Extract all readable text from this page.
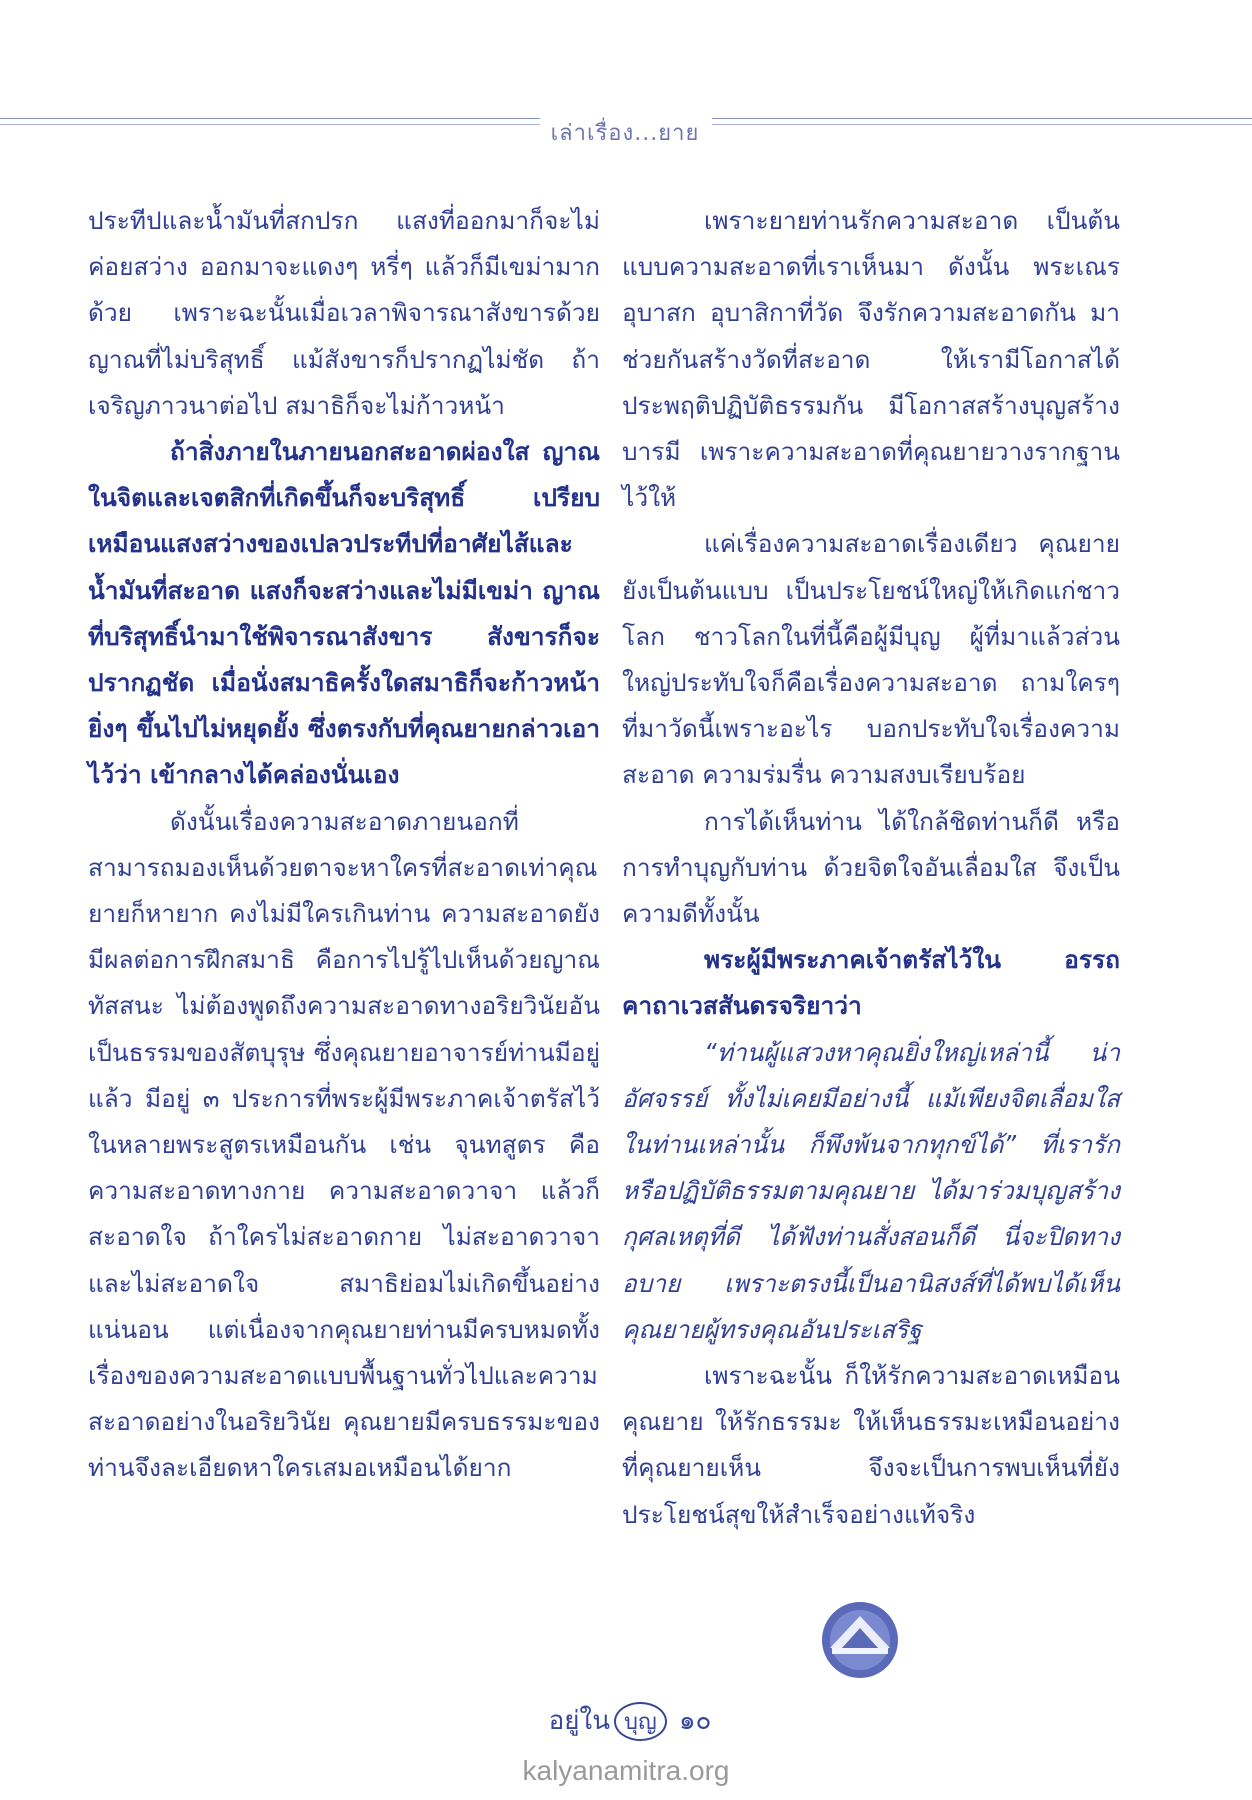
เล่าเรื่อง...ยาย

ประทีปและน้ำมันที่สกปรก แสงที่ออกมาก็จะไม่ค่อยสว่าง ออกมาจะแดงๆ หรี่ๆ แล้วก็มีเขม่ามากด้วย เพราะฉะนั้นเมื่อเวลาพิจารณาสังขารด้วยญาณที่ไม่บริสุทธิ์ แม้สังขารก็ปรากฏไม่ชัด ถ้าเจริญภาวนาต่อไป สมาธิก็จะไม่ก้าวหน้า

ถ้าสิ่งภายในภายนอกสะอาดผ่องใส ญาณในจิตและเจตสิกที่เกิดขึ้นก็จะบริสุทธิ์ เปรียบเหมือนแสงสว่างของเปลวประทีปที่อาศัยไส้และน้ำมันที่สะอาด แสงก็จะสว่างและไม่มีเขม่า ญาณที่บริสุทธิ์นำมาใช้พิจารณาสังขาร สังขารก็จะปรากฏชัด เมื่อนั่งสมาธิครั้งใดสมาธิก็จะก้าวหน้ายิ่งๆ ขึ้นไปไม่หยุดยั้ง ซึ่งตรงกับที่คุณยายกล่าวเอาไว้ว่า เข้ากลางได้คล่องนั่นเอง

ดังนั้นเรื่องความสะอาดภายนอกที่สามารถมองเห็นด้วยตาจะหาใครที่สะอาดเท่าคุณยายก็หายาก คงไม่มีใครเกินท่าน ความสะอาดยังมีผลต่อการฝึกสมาธิ คือการไปรู้ไปเห็นด้วยญาณทัสสนะ ไม่ต้องพูดถึงความสะอาดทางอริยวินัยอันเป็นธรรมของสัตบุรุษ ซึ่งคุณยายอาจารย์ท่านมีอยู่แล้ว มีอยู่ ๓ ประการที่พระผู้มีพระภาคเจ้าตรัสไว้ในหลายพระสูตรเหมือนกัน เช่น จุนทสูตร คือความสะอาดทางกาย ความสะอาดวาจา แล้วก็สะอาดใจ ถ้าใครไม่สะอาดกาย ไม่สะอาดวาจาและไม่สะอาดใจ สมาธิย่อมไม่เกิดขึ้นอย่างแน่นอน แต่เนื่องจากคุณยายท่านมีครบหมดทั้งเรื่องของความสะอาดแบบพื้นฐานทั่วไปและความสะอาดอย่างในอริยวินัย คุณยายมีครบธรรมะของท่านจึงละเอียดหาใครเสมอเหมือนได้ยาก

เพราะยายท่านรักความสะอาด เป็นต้นแบบความสะอาดที่เราเห็นมา ดังนั้น พระเณร อุบาสก อุบาสิกาที่วัด จึงรักความสะอาดกัน มาช่วยกันสร้างวัดที่สะอาด ให้เรามีโอกาสได้ประพฤติปฏิบัติธรรมกัน มีโอกาสสร้างบุญสร้างบารมี เพราะความสะอาดที่คุณยายวางรากฐานไว้ให้

แค่เรื่องความสะอาดเรื่องเดียว คุณยายยังเป็นต้นแบบ เป็นประโยชน์ใหญ่ให้เกิดแก่ชาวโลก ชาวโลกในที่นี้คือผู้มีบุญ ผู้ที่มาแล้วส่วนใหญ่ประทับใจก็คือเรื่องความสะอาด ถามใครๆ ที่มาวัดนี้เพราะอะไร บอกประทับใจเรื่องความสะอาด ความร่มรื่น ความสงบเรียบร้อย

การได้เห็นท่าน ได้ใกล้ชิดท่านก็ดี หรือการทำบุญกับท่าน ด้วยจิตใจอันเลื่อมใส จึงเป็นความดีทั้งนั้น

พระผู้มีพระภาคเจ้าตรัสไว้ใน อรรถคาถาเวสสันดรจริยาว่า

“ท่านผู้แสวงหาคุณยิ่งใหญ่เหล่านี้ น่าอัศจรรย์ ทั้งไม่เคยมีอย่างนี้ แม้เพียงจิตเลื่อมใสในท่านเหล่านั้น ก็พึงพ้นจากทุกข์ได้” ที่เรารักหรือปฏิบัติธรรมตามคุณยาย ได้มาร่วมบุญสร้างกุศลเหตุที่ดี ได้ฟังท่านสั่งสอนก็ดี นี่จะปิดทางอบาย เพราะตรงนี้เป็นอานิสงส์ที่ได้พบได้เห็นคุณยายผู้ทรงคุณอันประเสริฐ

เพราะฉะนั้น ก็ให้รักความสะอาดเหมือนคุณยาย ให้รักธรรมะ ให้เห็นธรรมะเหมือนอย่างที่คุณยายเห็น จึงจะเป็นการพบเห็นที่ยังประโยชน์สุขให้สำเร็จอย่างแท้จริง

อยู่ใน บุญ ๑๐
kalyanamitra.org
